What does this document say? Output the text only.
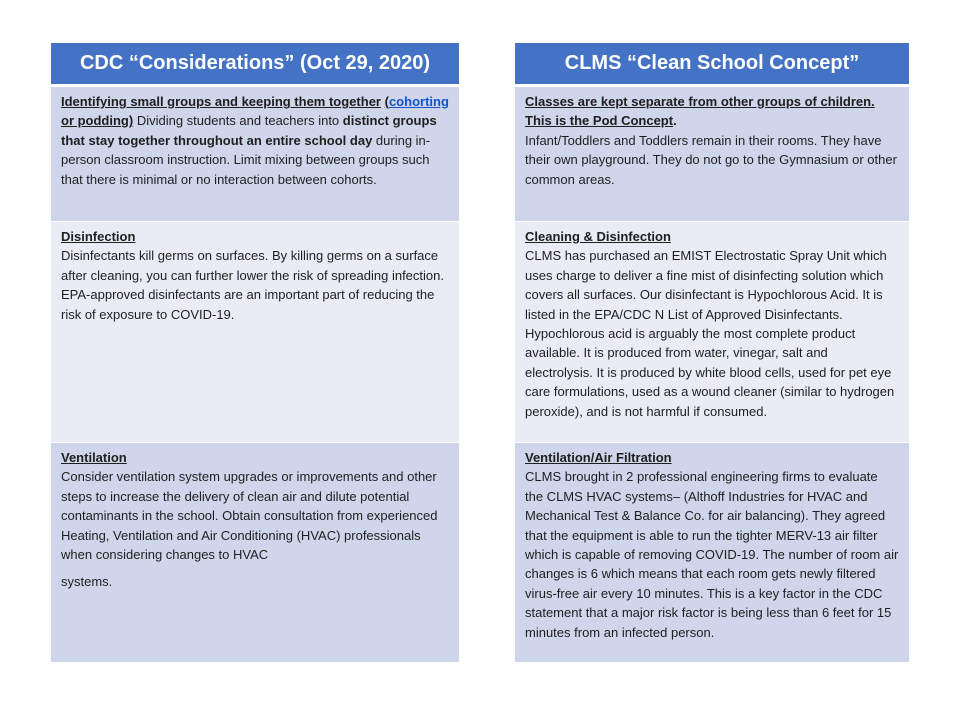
CDC “Considerations” (Oct 29, 2020)
Identifying small groups and keeping them together (cohorting or podding) Dividing students and teachers into distinct groups that stay together throughout an entire school day during in-person classroom instruction. Limit mixing between groups such that there is minimal or no interaction between cohorts.
Disinfection
Disinfectants kill germs on surfaces. By killing germs on a surface after cleaning, you can further lower the risk of spreading infection. EPA-approved disinfectants are an important part of reducing the risk of exposure to COVID-19.
Ventilation
Consider ventilation system upgrades or improvements and other steps to increase the delivery of clean air and dilute potential contaminants in the school. Obtain consultation from experienced Heating, Ventilation and Air Conditioning (HVAC) professionals when considering changes to HVAC
systems.
CLMS “Clean School Concept”
Classes are kept separate from other groups of children. This is the Pod Concept.
Infant/Toddlers and Toddlers remain in their rooms. They have their own playground. They do not go to the Gymnasium or other common areas.
Cleaning & Disinfection
CLMS has purchased an EMIST Electrostatic Spray Unit which uses charge to deliver a fine mist of disinfecting solution which covers all surfaces. Our disinfectant is Hypochlorous Acid. It is listed in the EPA/CDC N List of Approved Disinfectants. Hypochlorous acid is arguably the most complete product available. It is produced from water, vinegar, salt and electrolysis. It is produced by white blood cells, used for pet eye care formulations, used as a wound cleaner (similar to hydrogen peroxide), and is not harmful if consumed.
Ventilation/Air Filtration
CLMS brought in 2 professional engineering firms to evaluate the CLMS HVAC systems– (Althoff Industries for HVAC and Mechanical Test & Balance Co. for air balancing). They agreed that the equipment is able to run the tighter MERV-13 air filter which is capable of removing COVID-19. The number of room air changes is 6 which means that each room gets newly filtered virus-free air every 10 minutes. This is a key factor in the CDC statement that a major risk factor is being less than 6 feet for 15 minutes from an infected person.
